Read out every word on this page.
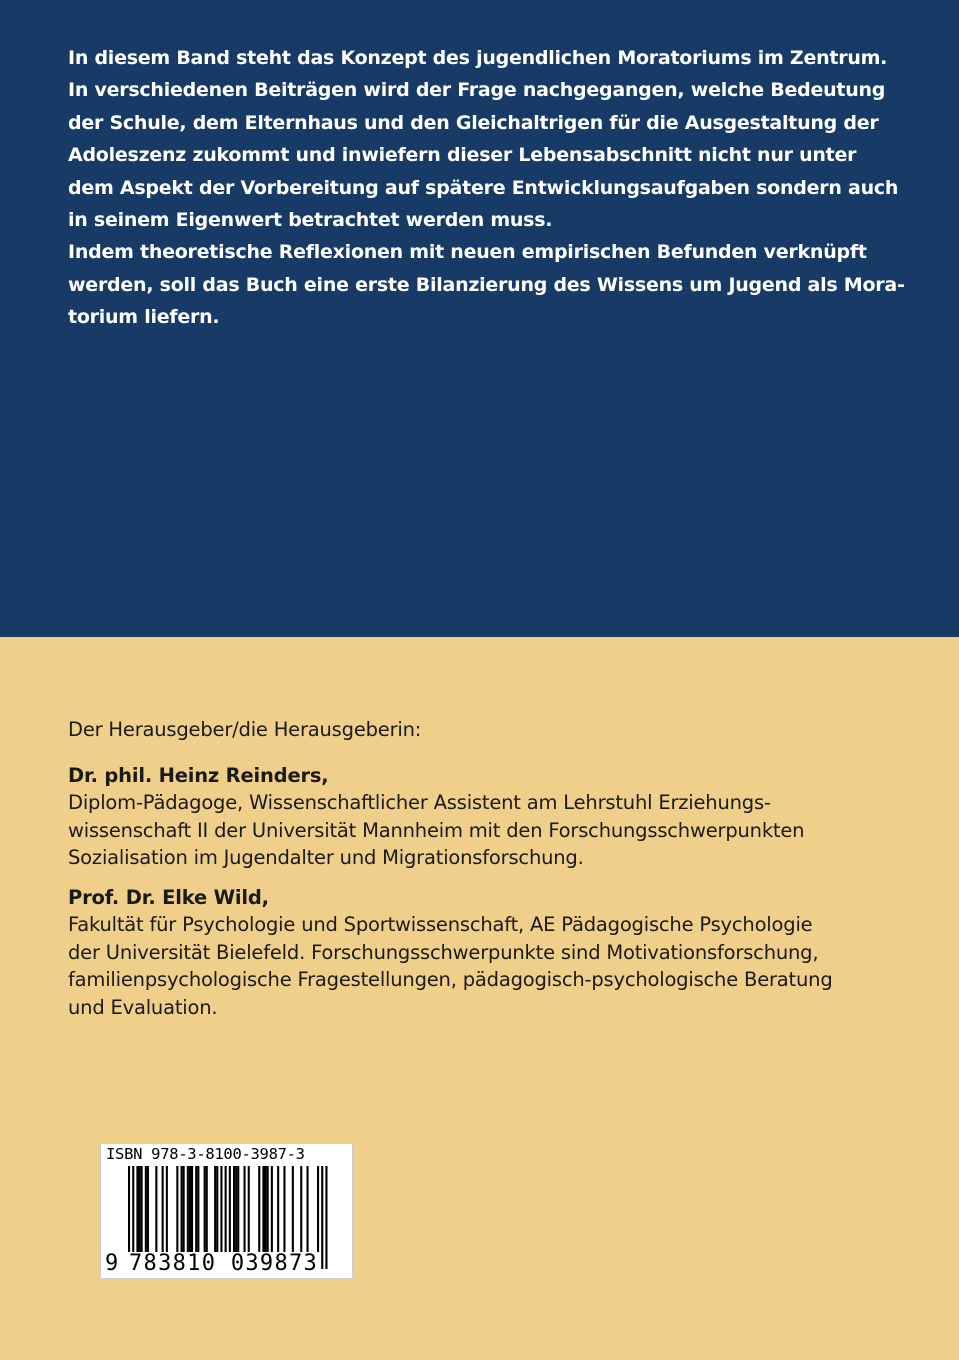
In diesem Band steht das Konzept des jugendlichen Moratoriums im Zentrum.
In verschiedenen Beiträgen wird der Frage nachgegangen, welche Bedeutung
der Schule, dem Elternhaus und den Gleichaltrigen für die Ausgestaltung der
Adoleszenz zukommt und inwiefern dieser Lebensabschnitt nicht nur unter
dem Aspekt der Vorbereitung auf spätere Entwicklungsaufgaben sondern auch
in seinem Eigenwert betrachtet werden muss.

Indem theoretische Reflexionen mit neuen empirischen Befunden verknüpft
werden, soll das Buch eine erste Bilanzierung des Wissens um Jugend als Mora-
torium liefern.

Der Herausgeber/die Herausgeberin:

Dr. phil. Heinz Reinders,
Diplom-Pädagoge, Wissenschaftlicher Assistent am Lehrstuhl Erziehungs-
wissenschaft II der Universität Mannheim mit den Forschungsschwerpunkten
Sozialisation im Jugendalter und Migrationsforschung.
Prof. Dr. Elke Wild,
Fakultät für Psychologie und Sportwissenschaft, AE Pädagogische Psychologie
der Universität Bielefeld. Forschungsschwerpunkte sind Motivationsforschung,
familienpsychologische Fragestellungen, pädagogisch-psychologische Beratung
und Evaluation.
ISBN 978-3-8100-3987-3
9 783810 039873
